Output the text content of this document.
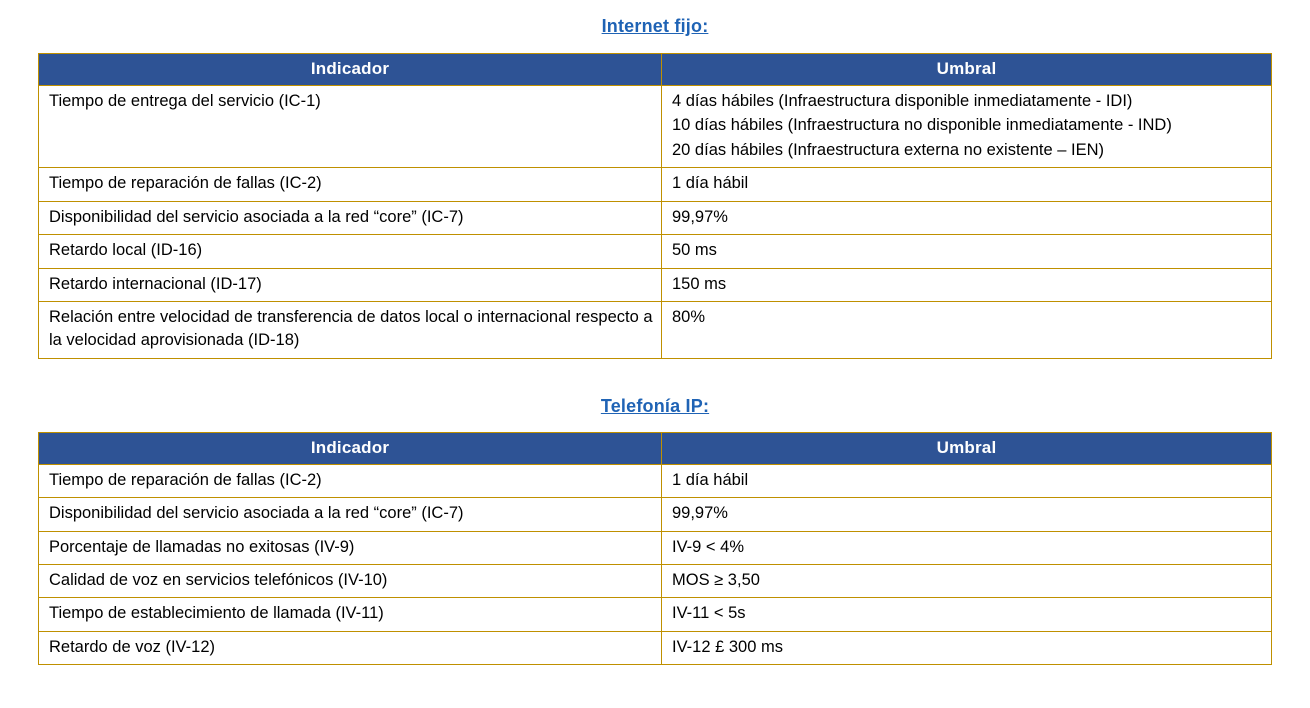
Internet fijo:
Indicador	Umbral
Tiempo de entrega del servicio (IC-1)	4 días hábiles (Infraestructura disponible inmediatamente - IDI)

10 días hábiles (Infraestructura no disponible inmediatamente - IND)

20 días hábiles (Infraestructura externa no existente – IEN)

Tiempo de reparación de fallas (IC-2)	1 día hábil
Disponibilidad del servicio asociada a la red “core” (IC-7)	99,97%
Retardo local (ID-16)	50 ms
Retardo internacional (ID-17)	150 ms
Relación entre velocidad de transferencia de datos local o internacional respecto a la velocidad aprovisionada (ID-18)	80%
Telefonía IP:
Indicador	Umbral
Tiempo de reparación de fallas (IC-2)	1 día hábil
Disponibilidad del servicio asociada a la red “core” (IC-7)	99,97%
Porcentaje de llamadas no exitosas (IV-9)	IV-9 < 4%
Calidad de voz en servicios telefónicos (IV-10)	MOS ≥ 3,50
Tiempo de establecimiento de llamada (IV-11)	IV-11 < 5s
Retardo de voz (IV-12)	IV-12 £ 300 ms
